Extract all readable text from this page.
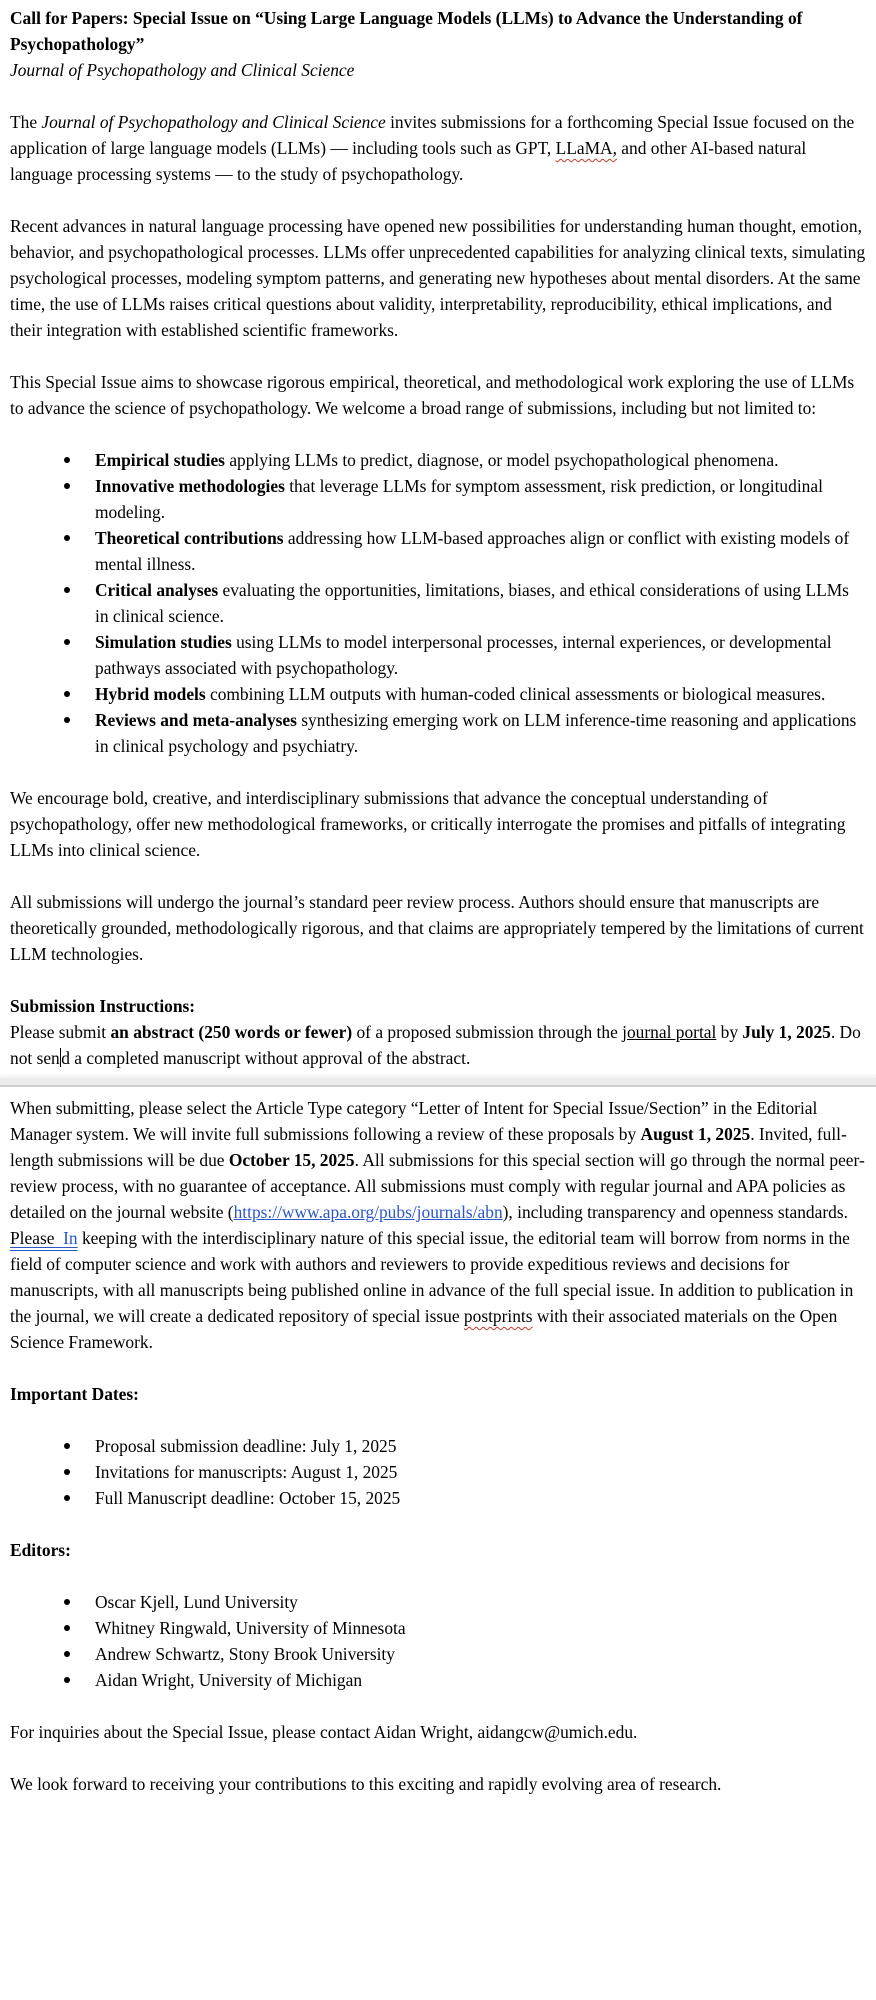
Call for Papers: Special Issue on “Using Large Language Models (LLMs) to Advance the Understanding of Psychopathology”

Journal of Psychopathology and Clinical Science

The Journal of Psychopathology and Clinical Science invites submissions for a forthcoming Special Issue focused on the application of large language models (LLMs) — including tools such as GPT, LLaMA, and other AI-based natural language processing systems — to the study of psychopathology.

Recent advances in natural language processing have opened new possibilities for understanding human thought, emotion, behavior, and psychopathological processes. LLMs offer unprecedented capabilities for analyzing clinical texts, simulating psychological processes, modeling symptom patterns, and generating new hypotheses about mental disorders. At the same time, the use of LLMs raises critical questions about validity, interpretability, reproducibility, ethical implications, and their integration with established scientific frameworks.

This Special Issue aims to showcase rigorous empirical, theoretical, and methodological work exploring the use of LLMs to advance the science of psychopathology. We welcome a broad range of submissions, including but not limited to:

Empirical studies applying LLMs to predict, diagnose, or model psychopathological phenomena.
Innovative methodologies that leverage LLMs for symptom assessment, risk prediction, or longitudinal modeling.
Theoretical contributions addressing how LLM-based approaches align or conflict with existing models of mental illness.
Critical analyses evaluating the opportunities, limitations, biases, and ethical considerations of using LLMs in clinical science.
Simulation studies using LLMs to model interpersonal processes, internal experiences, or developmental pathways associated with psychopathology.
Hybrid models combining LLM outputs with human-coded clinical assessments or biological measures.
Reviews and meta-analyses synthesizing emerging work on LLM inference-time reasoning and applications in clinical psychology and psychiatry.

We encourage bold, creative, and interdisciplinary submissions that advance the conceptual understanding of psychopathology, offer new methodological frameworks, or critically interrogate the promises and pitfalls of integrating LLMs into clinical science.

All submissions will undergo the journal’s standard peer review process. Authors should ensure that manuscripts are theoretically grounded, methodologically rigorous, and that claims are appropriately tempered by the limitations of current LLM technologies.

Submission Instructions:

Please submit an abstract (250 words or fewer) of a proposed submission through the journal portal by July 1, 2025. Do not send a completed manuscript without approval of the abstract.

When submitting, please select the Article Type category “Letter of Intent for Special Issue/Section” in the Editorial Manager system. We will invite full submissions following a review of these proposals by August 1, 2025. Invited, full-length submissions will be due October 15, 2025. All submissions for this special section will go through the normal peer-review process, with no guarantee of acceptance. All submissions must comply with regular journal and APA policies as detailed on the journal website (https://www.apa.org/pubs/journals/abn), including transparency and openness standards. Please  In keeping with the interdisciplinary nature of this special issue, the editorial team will borrow from norms in the field of computer science and work with authors and reviewers to provide expeditious reviews and decisions for manuscripts, with all manuscripts being published online in advance of the full special issue. In addition to publication in the journal, we will create a dedicated repository of special issue postprints with their associated materials on the Open Science Framework.

Important Dates:

Proposal submission deadline: July 1, 2025
Invitations for manuscripts: August 1, 2025
Full Manuscript deadline: October 15, 2025

Editors:

Oscar Kjell, Lund University
Whitney Ringwald, University of Minnesota
Andrew Schwartz, Stony Brook University
Aidan Wright, University of Michigan

For inquiries about the Special Issue, please contact Aidan Wright, aidangcw@umich.edu.

We look forward to receiving your contributions to this exciting and rapidly evolving area of research.
